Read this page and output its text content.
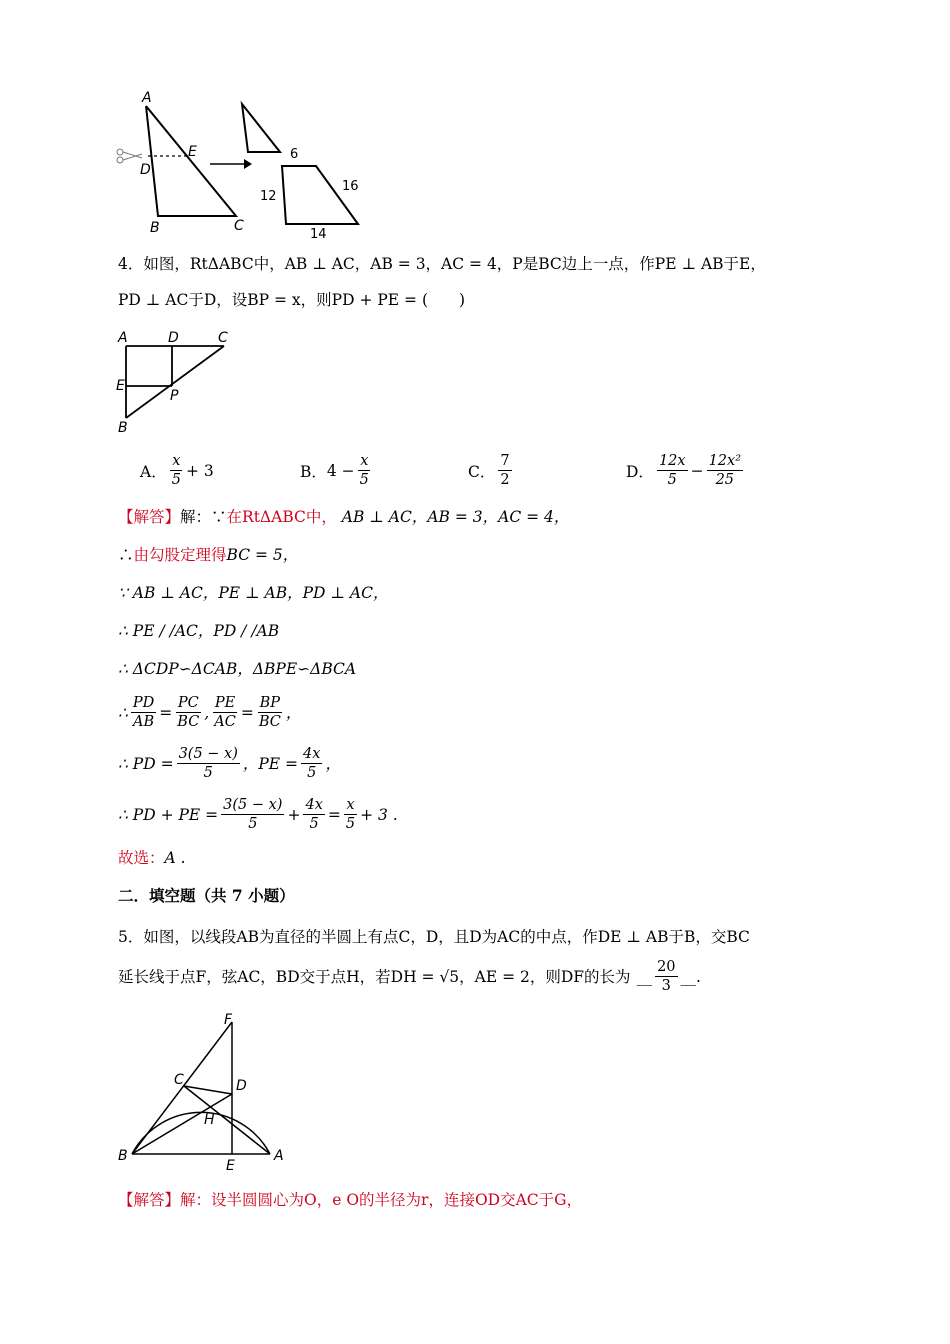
A
D
E
B	C
6
12
16
14
4．如图，RtΔABC中，AB ⊥ AC，AB = 3，AC = 4，P是BC边上一点，作PE ⊥ AB于E，
PD ⊥ AC于D，设BP = x，则PD + PE = (　　)
A	D	C
E
P
B
A． $\frac{x}{5} + 3$	B． $4 - \frac{x}{5}$	C． $\frac{7}{2}$	D． $\frac{12x}{5} - \frac{\text{12x²}}{25}$
【解答】解：∵在RtΔABC中， AB ⊥ AC，AB = 3，AC = 4，
∴由勾股定理得BC = 5，
∵ AB ⊥ AC，PE ⊥ AB，PD ⊥ AC，
∴ PE / /AC，PD / /AB
∴ ΔCDP∽ΔCAB，ΔBPE∽ΔBCA
∴ $\frac{PD}{AB} = \frac{PC}{BC}$ , $\frac{PE}{AC} = \frac{BP}{BC}$ ，
∴ PD = $\frac{3(5 - x)}{5}$ ，PE = $\frac{4x}{5}$ ，
∴ PD + PE = $\frac{3(5 - x)}{5} + \frac{4x}{5} = \frac{x}{5} + 3$ .
故选：A .
二．填空题（共 7 小题）
5．如图，以线段AB为直径的半圆上有点C，D，且D为AC的中点，作DE ⊥ AB于B，交BC
延长线于点F，弦AC，BD交于点H，若DH = √5，AE = 2，则DF的长为 __ $\frac{20}{3}$ __ .
F
C	D
H
B
E
A
【解答】解：设半圆圆心为O，e O的半径为r，连接OD交AC于G，
